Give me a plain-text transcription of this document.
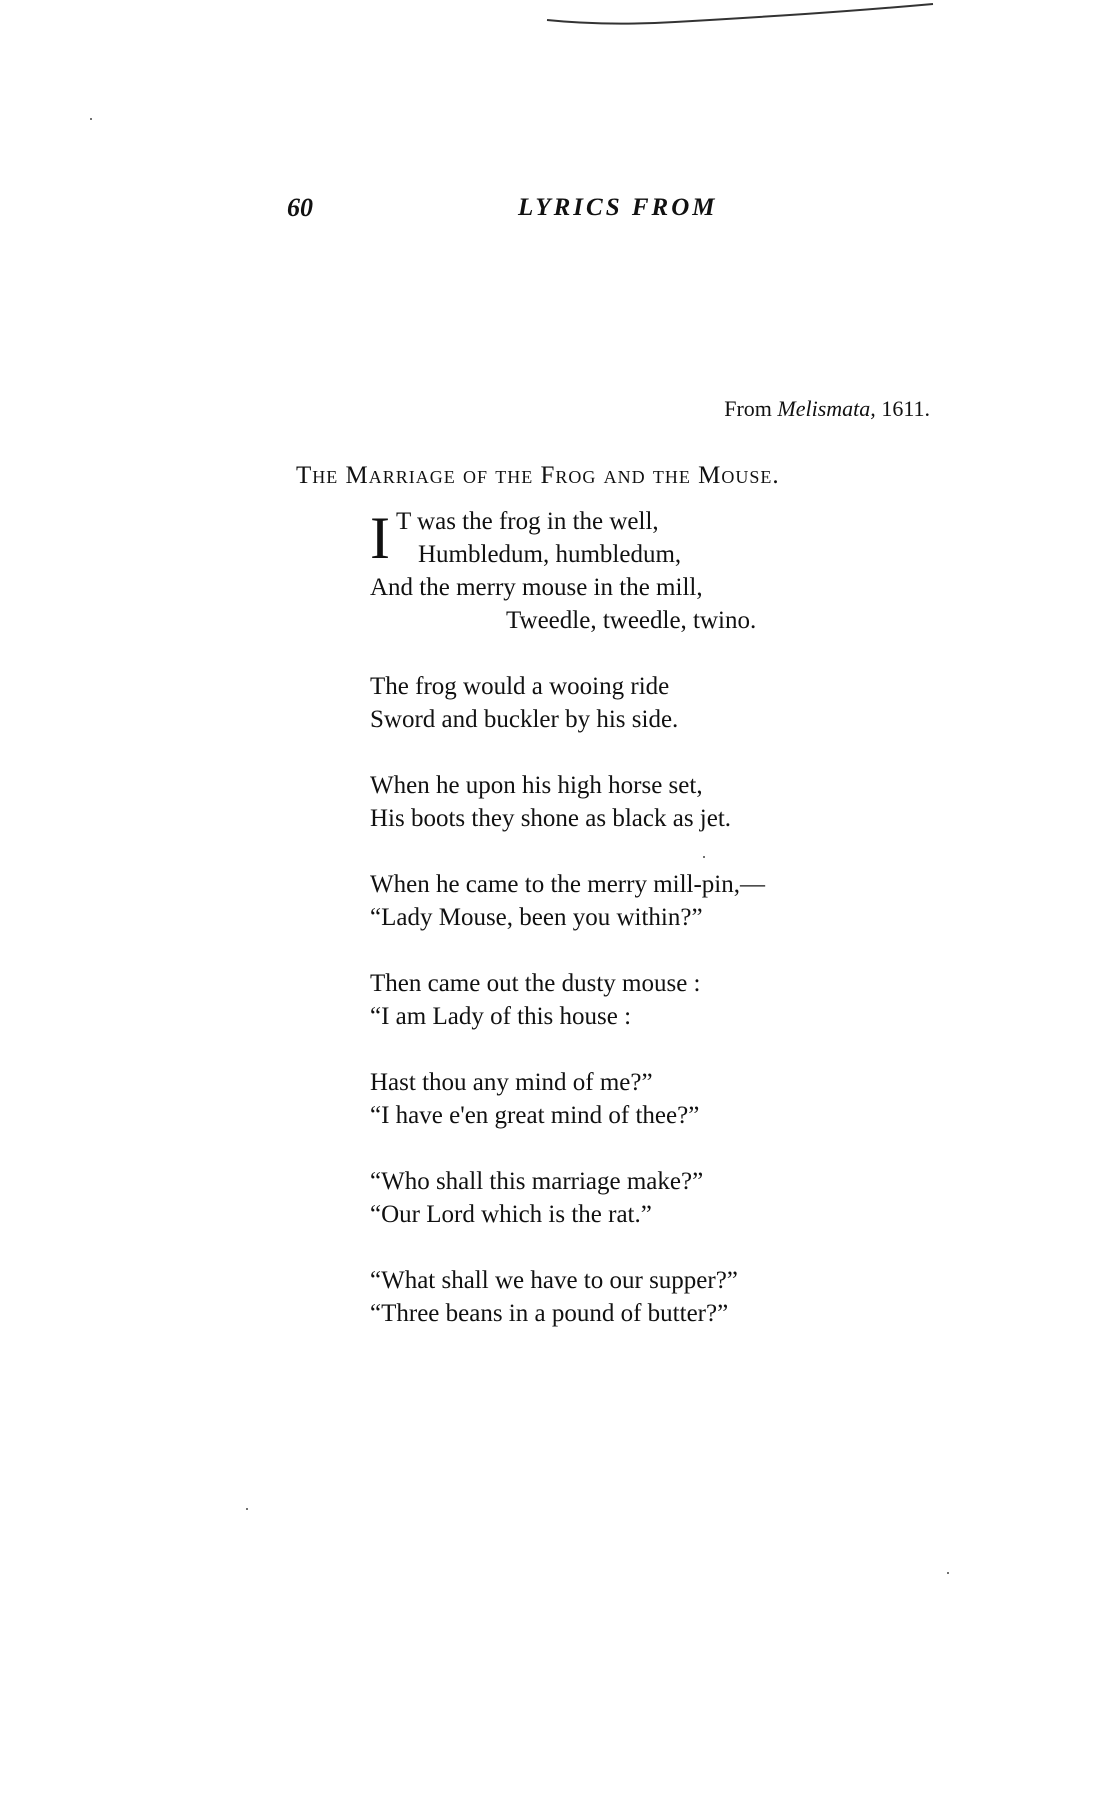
60	LYRICS FROM
From Melismata, 1611.
The Marriage of the Frog and the Mouse.
I T was the frog in the well,
Humbledum, humbledum,
And the merry mouse in the mill,
Tweedle, tweedle, twino.
The frog would a wooing ride
Sword and buckler by his side.
When he upon his high horse set,
His boots they shone as black as jet.
When he came to the merry mill-pin,—
“Lady Mouse, been you within?”
Then came out the dusty mouse :
“I am Lady of this house :
Hast thou any mind of me?”
“I have e'en great mind of thee?”
“Who shall this marriage make?”
“Our Lord which is the rat.”
“What shall we have to our supper?”
“Three beans in a pound of butter?”
